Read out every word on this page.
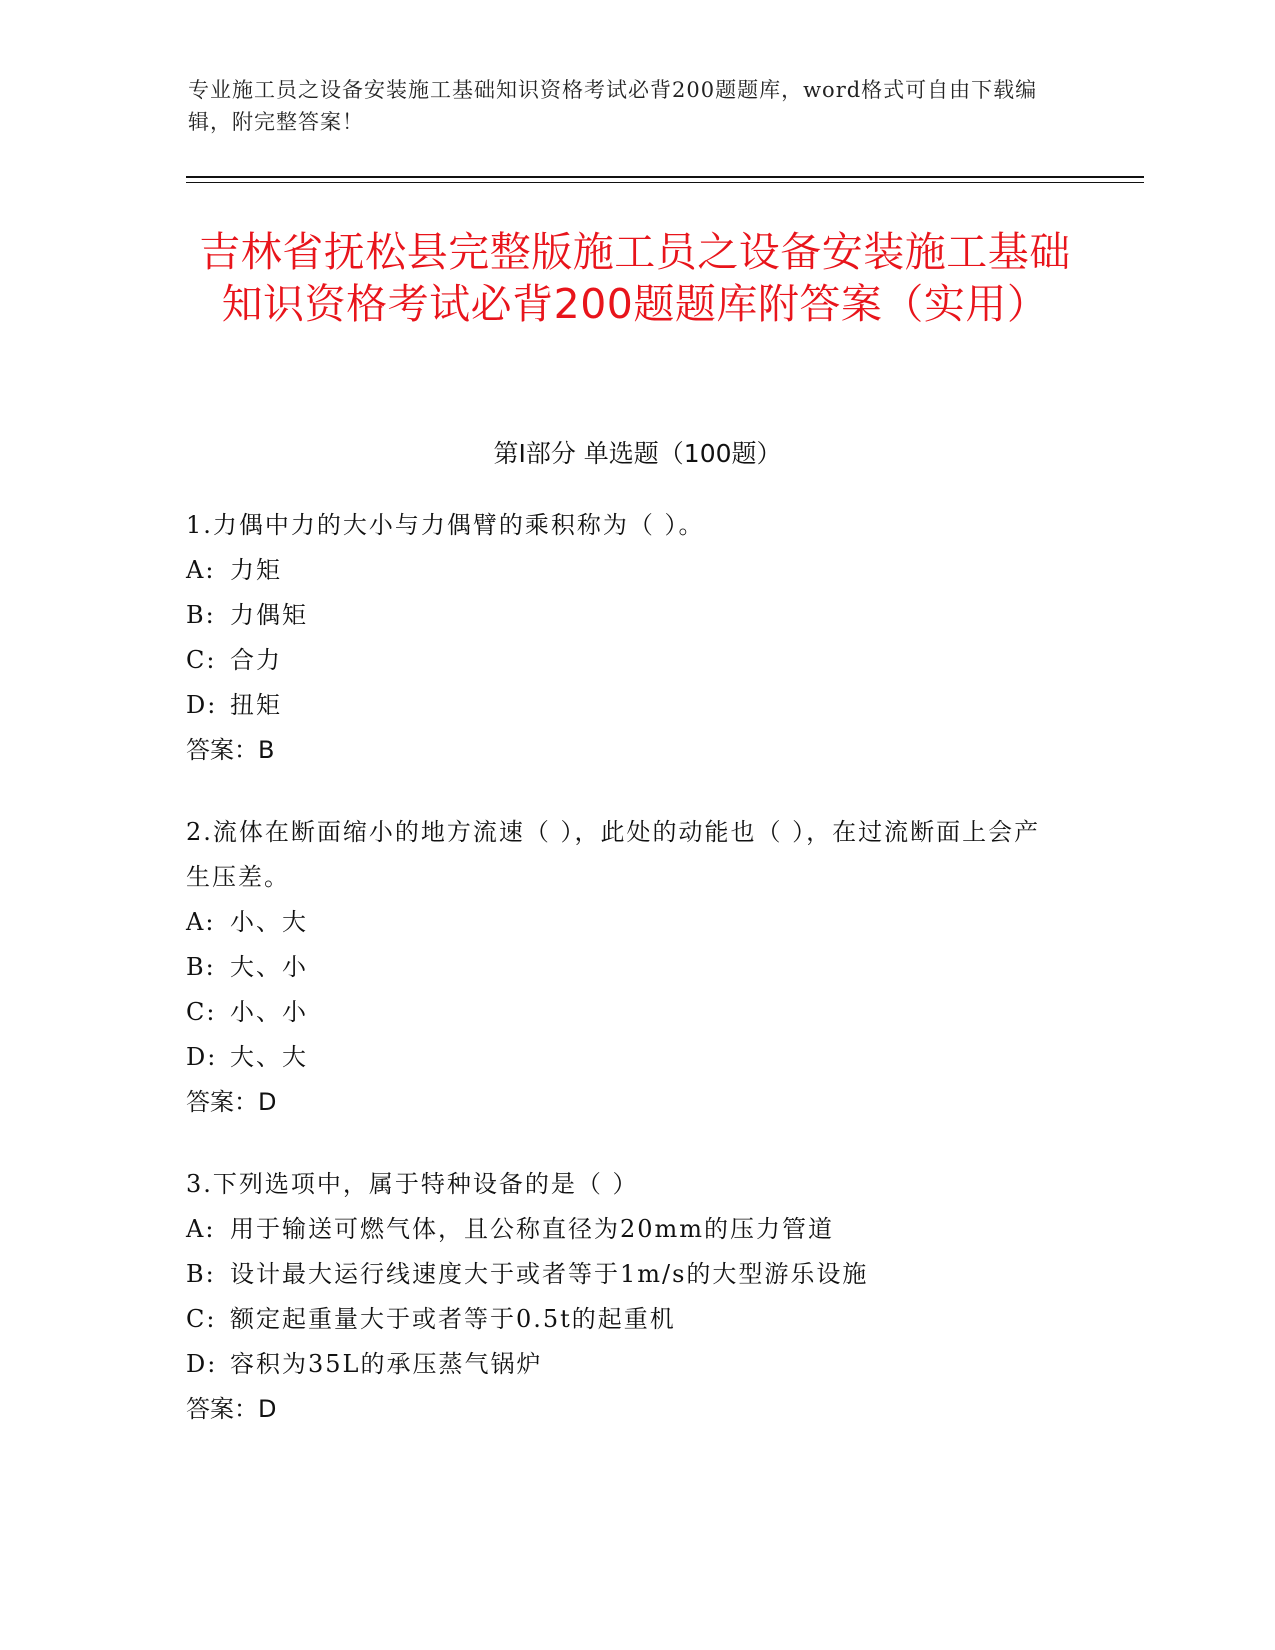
专业施工员之设备安装施工基础知识资格考试必背200题题库，word格式可自由下载编辑，附完整答案！
吉林省抚松县完整版施工员之设备安装施工基础知识资格考试必背200题题库附答案（实用）
第Ⅰ部分 单选题（100题）

1.力偶中力的大小与力偶臂的乘积称为（ ）。

A: 力矩
B: 力偶矩
C: 合力
D: 扭矩

答案：B

2.流体在断面缩小的地方流速（ ），此处的动能也（ ），在过流断面上会产生压差。

A: 小、大
B: 大、小
C: 小、小
D: 大、大

答案：D

3.下列选项中，属于特种设备的是（ ）

A: 用于输送可燃气体，且公称直径为20mm的压力管道
B: 设计最大运行线速度大于或者等于1m/s的大型游乐设施
C: 额定起重量大于或者等于0.5t的起重机
D: 容积为35L的承压蒸气锅炉

答案：D
